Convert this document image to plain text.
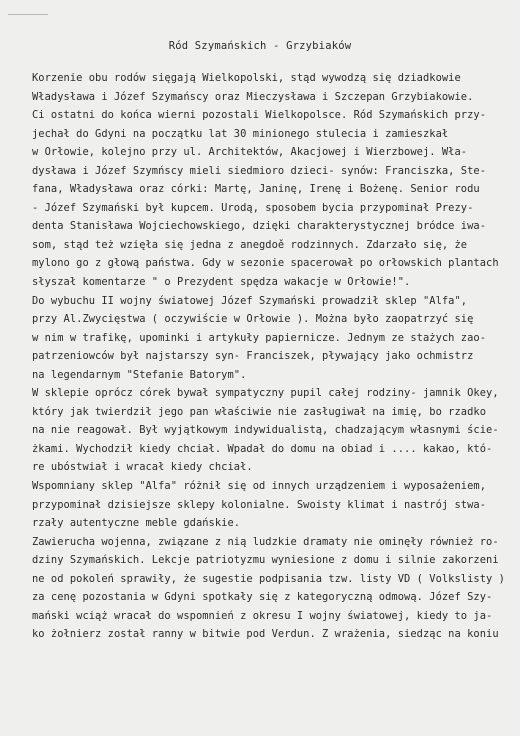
Ród Szymańskich - Grzybiaków
Korzenie obu rodów sięgają Wielkopolski, stąd wywodzą się dziadkowie
Władysława i Józef Szymańscy oraz Mieczysława i Szczepan Grzybiakowie.
Ci ostatni do końca wierni pozostali Wielkopolsce. Ród Szymańskich przy-
jechał do Gdyni na początku lat 30 minionego stulecia i zamieszkał
w Orłowie, kolejno przy ul. Architektów, Akacjowej i Wierzbowej. Wła-
dysława i Józef Szymńscy mieli siedmioro dzieci- synów: Franciszka, Ste-
fana, Władysława oraz córki: Martę, Janinę, Irenę i Bożenę. Senior rodu
- Józef Szymański był kupcem. Urodą, sposobem bycia przypominał Prezy-
denta Stanisława Wojciechowskiego, dzięki charakterystycznej bródce iwa-
som, stąd też wzięła się jedna z anegdoě rodzinnych. Zdarzało się, że
mylono go z głową państwa. Gdy w sezonie spacerował po orłowskich plantach
słyszał komentarze " o Prezydent spędza wakacje w Orłowie!".
Do wybuchu II wojny światowej Józef Szymański prowadził sklep "Alfa",
przy Al.Zwycięstwa ( oczywiście w Orłowie ). Można było zaopatrzyć się
w nim w trafikę, upominki i artykuły papiernicze. Jednym ze stażych zao-
patrzeniowców był najstarszy syn- Franciszek, pływający jako ochmistrz
na legendarnym "Stefanie Batorym".
W sklepie oprócz córek bywał sympatyczny pupil całej rodziny- jamnik Okey,
który jak twierdził jego pan właściwie nie zasługiwał na imię, bo rzadko
na nie reagował. Był wyjątkowym indywidualistą, chadzającym własnymi ście-
żkami. Wychodził kiedy chciał. Wpadał do domu na obiad i .... kakao, któ-
re ubóstwiał i wracał kiedy chciał.
Wspomniany sklep "Alfa" różnił się od innych urządzeniem i wyposażeniem,
przypominał dzisiejsze sklepy kolonialne. Swoisty klimat i nastrój stwa-
rzały autentyczne meble gdańskie.
Zawierucha wojenna, związane z nią ludzkie dramaty nie ominęły również ro-
dziny Szymańskich. Lekcje patriotyzmu wyniesione z domu i silnie zakorzeni
ne od pokoleń sprawiły, że sugestie podpisania tzw. listy VD ( Volkslisty )
za cenę pozostania w Gdyni spotkały się z kategoryczną odmową. Józef Szy-
mański wciąż wracał do wspomnień z okresu I wojny światowej, kiedy to ja-
ko żołnierz został ranny w bitwie pod Verdun. Z wrażenia, siedząc na koniu
